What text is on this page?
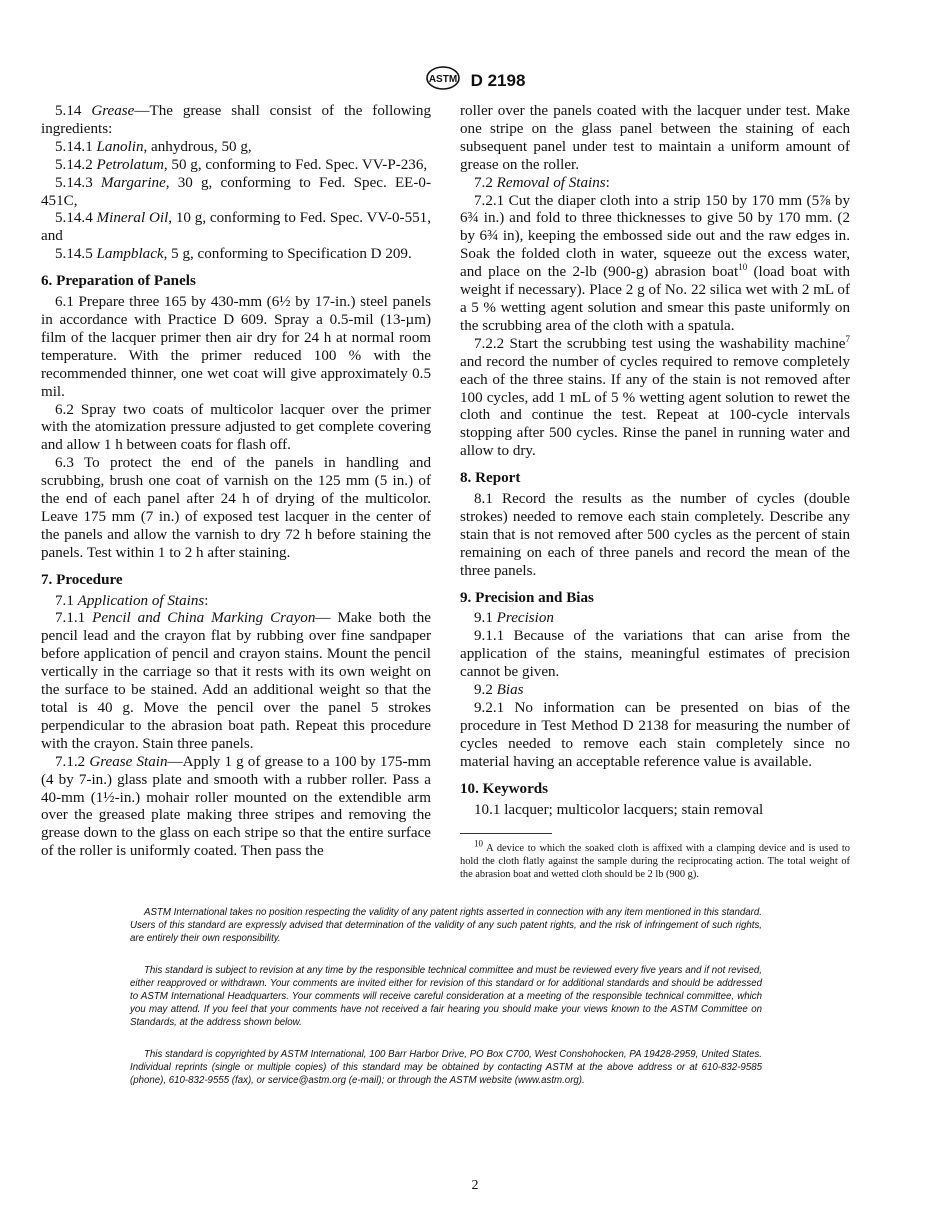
ASTM D 2198

5.14 Grease—The grease shall consist of the following ingredients:

5.14.1 Lanolin, anhydrous, 50 g,

5.14.2 Petrolatum, 50 g, conforming to Fed. Spec. VV-P-236,

5.14.3 Margarine, 30 g, conforming to Fed. Spec. EE-0-451C,

5.14.4 Mineral Oil, 10 g, conforming to Fed. Spec. VV-0-551, and

5.14.5 Lampblack, 5 g, conforming to Specification D 209.

6. Preparation of Panels

6.1 Prepare three 165 by 430-mm (6½ by 17-in.) steel panels in accordance with Practice D 609. Spray a 0.5-mil (13-µm) film of the lacquer primer then air dry for 24 h at normal room temperature. With the primer reduced 100 % with the recommended thinner, one wet coat will give approximately 0.5 mil.

6.2 Spray two coats of multicolor lacquer over the primer with the atomization pressure adjusted to get complete covering and allow 1 h between coats for flash off.

6.3 To protect the end of the panels in handling and scrubbing, brush one coat of varnish on the 125 mm (5 in.) of the end of each panel after 24 h of drying of the multicolor. Leave 175 mm (7 in.) of exposed test lacquer in the center of the panels and allow the varnish to dry 72 h before staining the panels. Test within 1 to 2 h after staining.

7. Procedure

7.1 Application of Stains:

7.1.1 Pencil and China Marking Crayon— Make both the pencil lead and the crayon flat by rubbing over fine sandpaper before application of pencil and crayon stains. Mount the pencil vertically in the carriage so that it rests with its own weight on the surface to be stained. Add an additional weight so that the total is 40 g. Move the pencil over the panel 5 strokes perpendicular to the abrasion boat path. Repeat this procedure with the crayon. Stain three panels.

7.1.2 Grease Stain—Apply 1 g of grease to a 100 by 175-mm (4 by 7-in.) glass plate and smooth with a rubber roller. Pass a 40-mm (1½-in.) mohair roller mounted on the extendible arm over the greased plate making three stripes and removing the grease down to the glass on each stripe so that the entire surface of the roller is uniformly coated. Then pass the

roller over the panels coated with the lacquer under test. Make one stripe on the glass panel between the staining of each subsequent panel under test to maintain a uniform amount of grease on the roller.

7.2 Removal of Stains:

7.2.1 Cut the diaper cloth into a strip 150 by 170 mm (5⅞ by 6¾ in.) and fold to three thicknesses to give 50 by 170 mm. (2 by 6¾ in), keeping the embossed side out and the raw edges in. Soak the folded cloth in water, squeeze out the excess water, and place on the 2-lb (900-g) abrasion boat$^{10}$ (load boat with weight if necessary). Place 2 g of No. 22 silica wet with 2 mL of a 5 % wetting agent solution and smear this paste uniformly on the scrubbing area of the cloth with a spatula.

7.2.2 Start the scrubbing test using the washability machine$^7$ and record the number of cycles required to remove completely each of the three stains. If any of the stain is not removed after 100 cycles, add 1 mL of 5 % wetting agent solution to rewet the cloth and continue the test. Repeat at 100-cycle intervals stopping after 500 cycles. Rinse the panel in running water and allow to dry.

8. Report

8.1 Record the results as the number of cycles (double strokes) needed to remove each stain completely. Describe any stain that is not removed after 500 cycles as the percent of stain remaining on each of three panels and record the mean of the three panels.

9. Precision and Bias

9.1 Precision

9.1.1 Because of the variations that can arise from the application of the stains, meaningful estimates of precision cannot be given.

9.2 Bias

9.2.1 No information can be presented on bias of the procedure in Test Method D 2138 for measuring the number of cycles needed to remove each stain completely since no material having an acceptable reference value is available.

10. Keywords

10.1 lacquer; multicolor lacquers; stain removal

$^{10}$ A device to which the soaked cloth is affixed with a clamping device and is used to hold the cloth flatly against the sample during the reciprocating action. The total weight of the abrasion boat and wetted cloth should be 2 lb (900 g).

ASTM International takes no position respecting the validity of any patent rights asserted in connection with any item mentioned in this standard. Users of this standard are expressly advised that determination of the validity of any such patent rights, and the risk of infringement of such rights, are entirely their own responsibility.

This standard is subject to revision at any time by the responsible technical committee and must be reviewed every five years and if not revised, either reapproved or withdrawn. Your comments are invited either for revision of this standard or for additional standards and should be addressed to ASTM International Headquarters. Your comments will receive careful consideration at a meeting of the responsible technical committee, which you may attend. If you feel that your comments have not received a fair hearing you should make your views known to the ASTM Committee on Standards, at the address shown below.

This standard is copyrighted by ASTM International, 100 Barr Harbor Drive, PO Box C700, West Conshohocken, PA 19428-2959, United States. Individual reprints (single or multiple copies) of this standard may be obtained by contacting ASTM at the above address or at 610-832-9585 (phone), 610-832-9555 (fax), or service@astm.org (e-mail); or through the ASTM website (www.astm.org).

2
